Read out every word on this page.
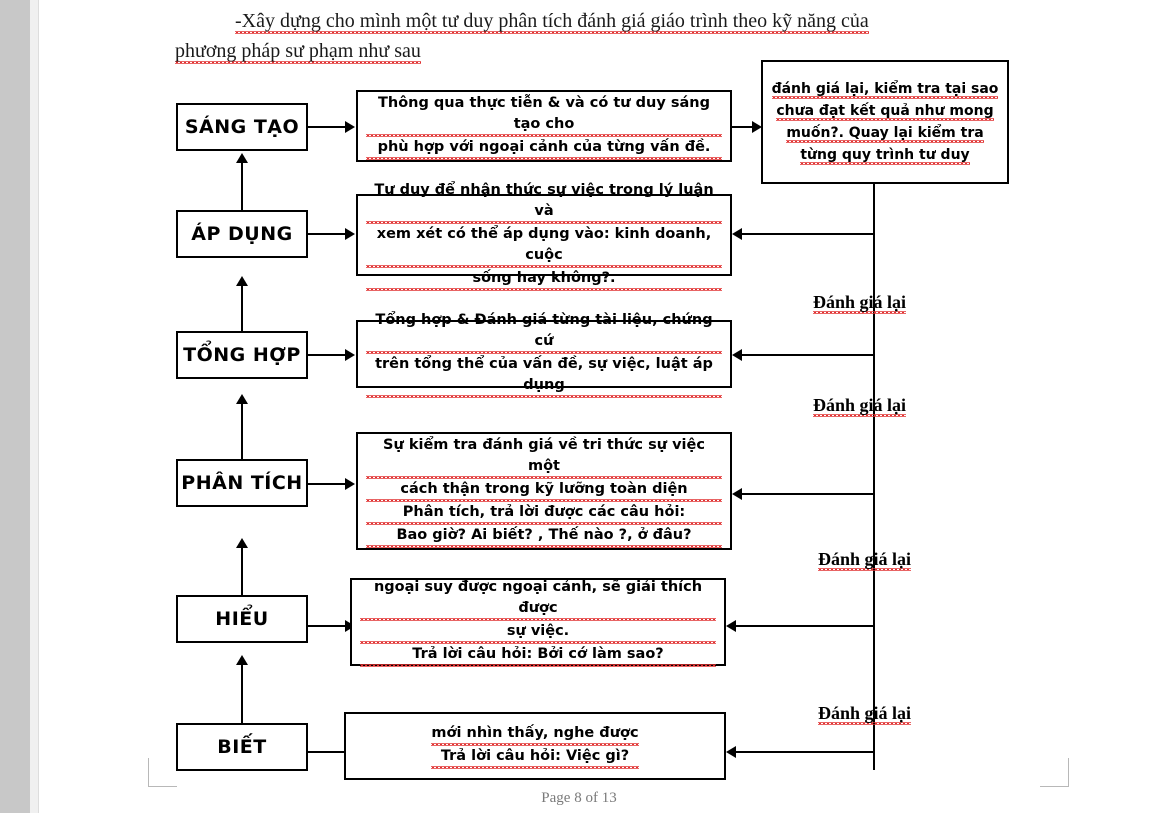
-Xây dựng cho mình một tư duy phân tích đánh giá giáo trình theo kỹ năng của
phương pháp sư phạm như sau
SÁNG TẠO
Thông qua thực tiễn & và có tư duy sáng tạo cho
phù hợp với ngoại cảnh của từng vấn đề.
đánh giá lại, kiểm tra tại sao chưa đạt kết quả như mong muốn?. Quay lại kiểm tra từng quy trình tư duy
ÁP DỤNG
Tư duy để nhận thức sự việc trong lý luận và
xem xét có thể áp dụng vào: kinh doanh, cuộc
sống hay không?.
TỔNG HỢP
Tổng hợp & Đánh giá từng tài liệu, chứng cứ
trên tổng thể của vấn đề, sự việc, luật áp dụng
PHÂN TÍCH
Sự kiểm tra đánh giá về tri thức sự việc một
cách thận trong kỹ lưỡng toàn diện
Phân tích, trả lời được các câu hỏi:
Bao giờ? Ai biết? , Thế nào ?, ở đâu?
HIỂU
ngoại suy được ngoại cảnh, sẽ giải thích được
sự việc.
Trả lời câu hỏi: Bởi cớ làm sao?
BIẾT
mới nhìn thấy, nghe được
Trả lời câu hỏi: Việc gì?
Đánh giá lại
Đánh giá lại
Đánh giá lại
Đánh giá lại
Page 8 of 13
